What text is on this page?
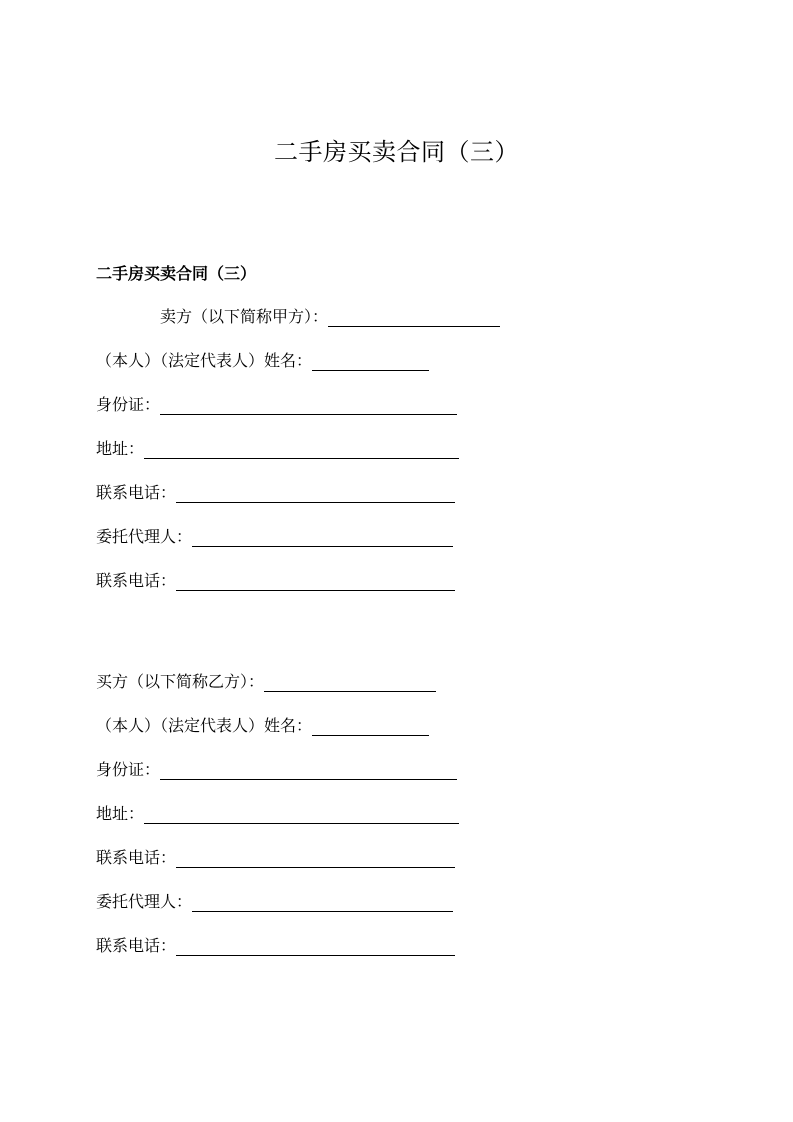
二手房买卖合同（三）
二手房买卖合同（三）
卖方（以下简称甲方）：
（本人）（法定代表人）姓名：
身份证：
地址：
联系电话：
委托代理人：
联系电话：
买方（以下简称乙方）：
（本人）（法定代表人）姓名：
身份证：
地址：
联系电话：
委托代理人：
联系电话：
